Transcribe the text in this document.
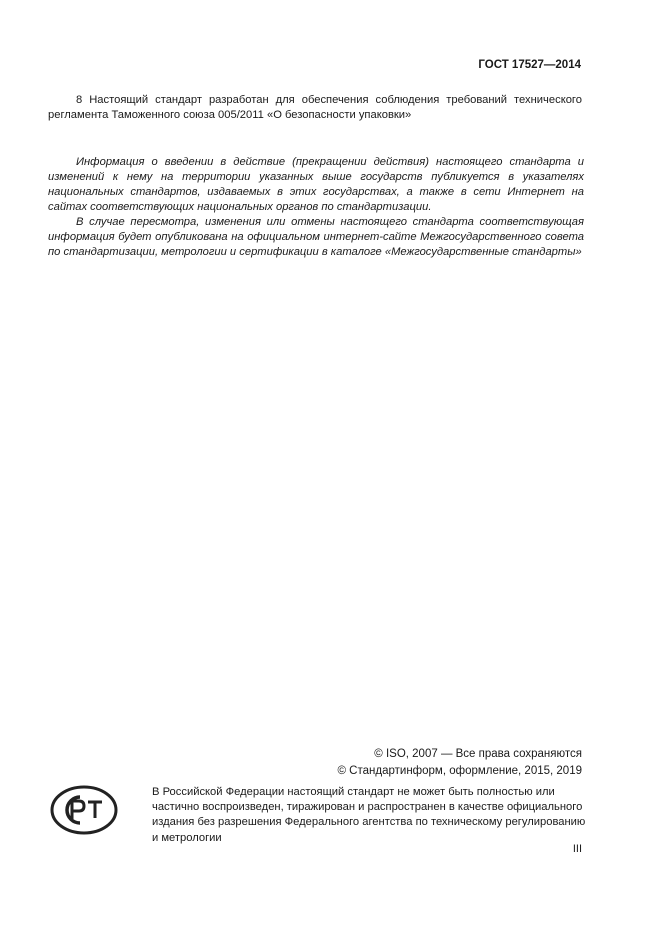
ГОСТ 17527—2014
8 Настоящий стандарт разработан для обеспечения соблюдения требований технического регламента Таможенного союза 005/2011 «О безопасности упаковки»

Информация о введении в действие (прекращении действия) настоящего стандарта и изменений к нему на территории указанных выше государств публикуется в указателях национальных стандартов, издаваемых в этих государствах, а также в сети Интернет на сайтах соответствующих национальных органов по стандартизации.

В случае пересмотра, изменения или отмены настоящего стандарта соответствующая информация будет опубликована на официальном интернет-сайте Межгосударственного совета по стандартизации, метрологии и сертификации в каталоге «Межгосударственные стандарты»

© ISO, 2007 — Все права сохраняются
© Стандартинформ, оформление, 2015, 2019
В Российской Федерации настоящий стандарт не может быть полностью или частично воспроизведен, тиражирован и распространен в качестве официального издания без разрешения Федерального агентства по техническому регулированию и метрологии
III
